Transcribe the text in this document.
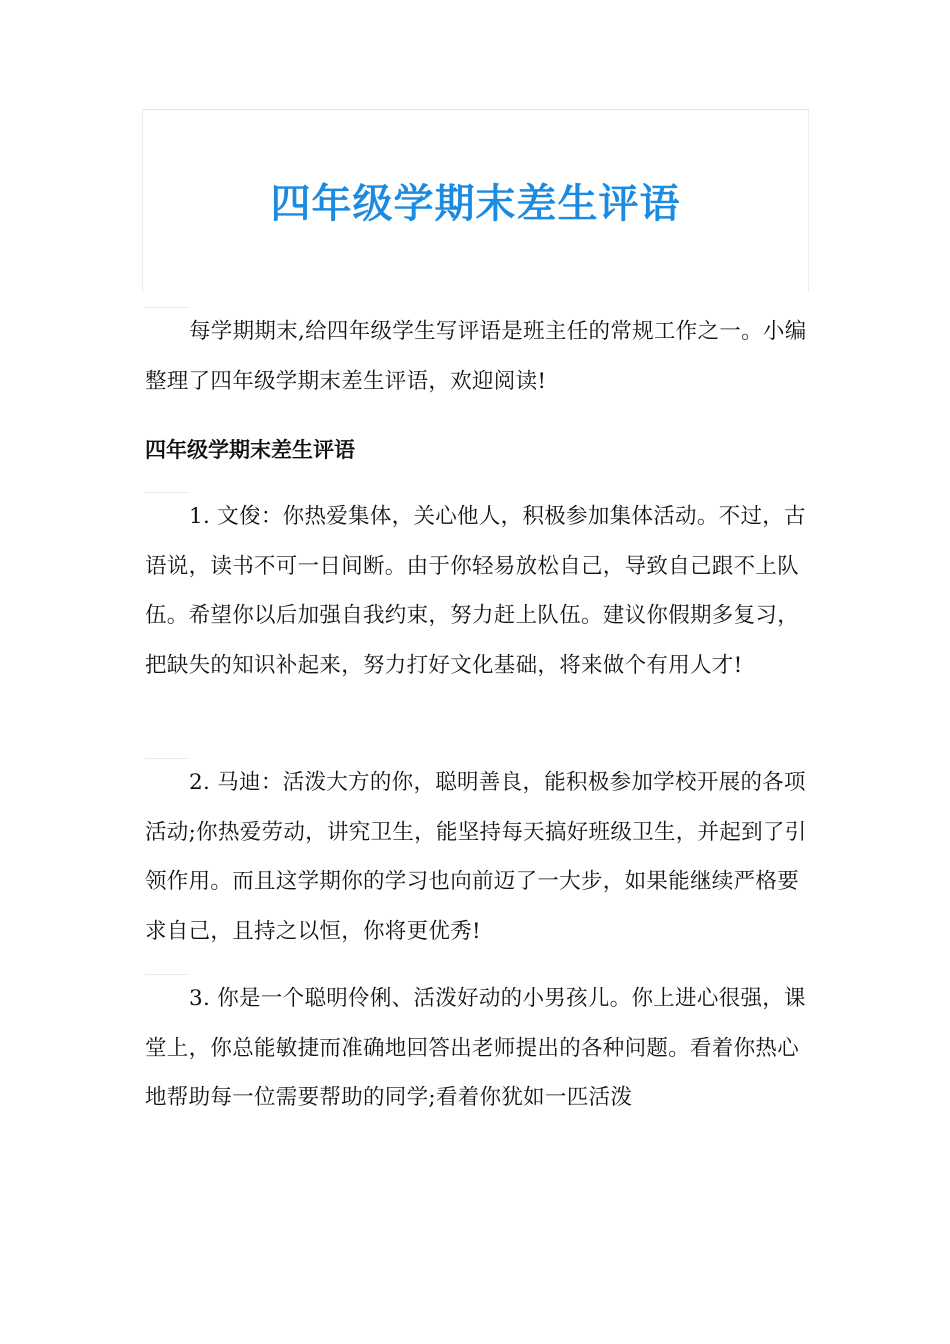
四年级学期末差生评语

每学期期末,给四年级学生写评语是班主任的常规工作之一。小编整理了四年级学期末差生评语，欢迎阅读!

四年级学期末差生评语

1. 文俊：你热爱集体，关心他人，积极参加集体活动。不过，古语说，读书不可一日间断。由于你轻易放松自己，导致自己跟不上队伍。希望你以后加强自我约束，努力赶上队伍。建议你假期多复习，把缺失的知识补起来，努力打好文化基础，将来做个有用人才!

2. 马迪：活泼大方的你，聪明善良，能积极参加学校开展的各项活动;你热爱劳动，讲究卫生，能坚持每天搞好班级卫生，并起到了引领作用。而且这学期你的学习也向前迈了一大步，如果能继续严格要求自己，且持之以恒，你将更优秀!

3. 你是一个聪明伶俐、活泼好动的小男孩儿。你上进心很强，课堂上，你总能敏捷而准确地回答出老师提出的各种问题。看着你热心地帮助每一位需要帮助的同学;看着你犹如一匹活泼
